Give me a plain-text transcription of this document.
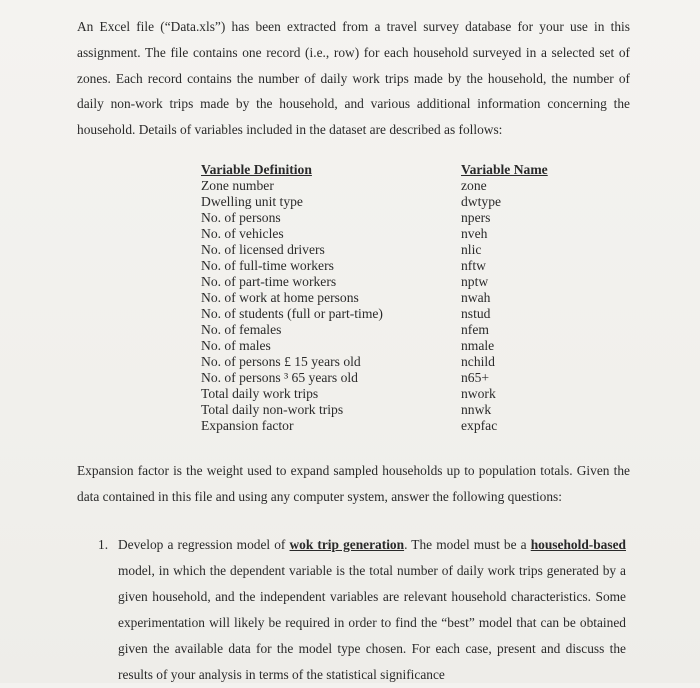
An Excel file (“Data.xls”) has been extracted from a travel survey database for your use in this assignment. The file contains one record (i.e., row) for each household surveyed in a selected set of zones. Each record contains the number of daily work trips made by the household, the number of daily non-work trips made by the household, and various additional information concerning the household. Details of variables included in the dataset are described as follows:

Variable Definition	Variable Name
Zone number	zone
Dwelling unit type	dwtype
No. of persons	npers
No. of vehicles	nveh
No. of licensed drivers	nlic
No. of full-time workers	nftw
No. of part-time workers	nptw
No. of work at home persons	nwah
No. of students (full or part-time)	nstud
No. of females	nfem
No. of males	nmale
No. of persons £ 15 years old	nchild
No. of persons ³ 65 years old	n65+
Total daily work trips	nwork
Total daily non-work trips	nnwk
Expansion factor	expfac

Expansion factor is the weight used to expand sampled households up to population totals. Given the data contained in this file and using any computer system, answer the following questions:

1. Develop a regression model of wok trip generation. The model must be a household-based model, in which the dependent variable is the total number of daily work trips generated by a given household, and the independent variables are relevant household characteristics. Some experimentation will likely be required in order to find the “best” model that can be obtained given the available data for the model type chosen. For each case, present and discuss the results of your analysis in terms of the statistical significance
